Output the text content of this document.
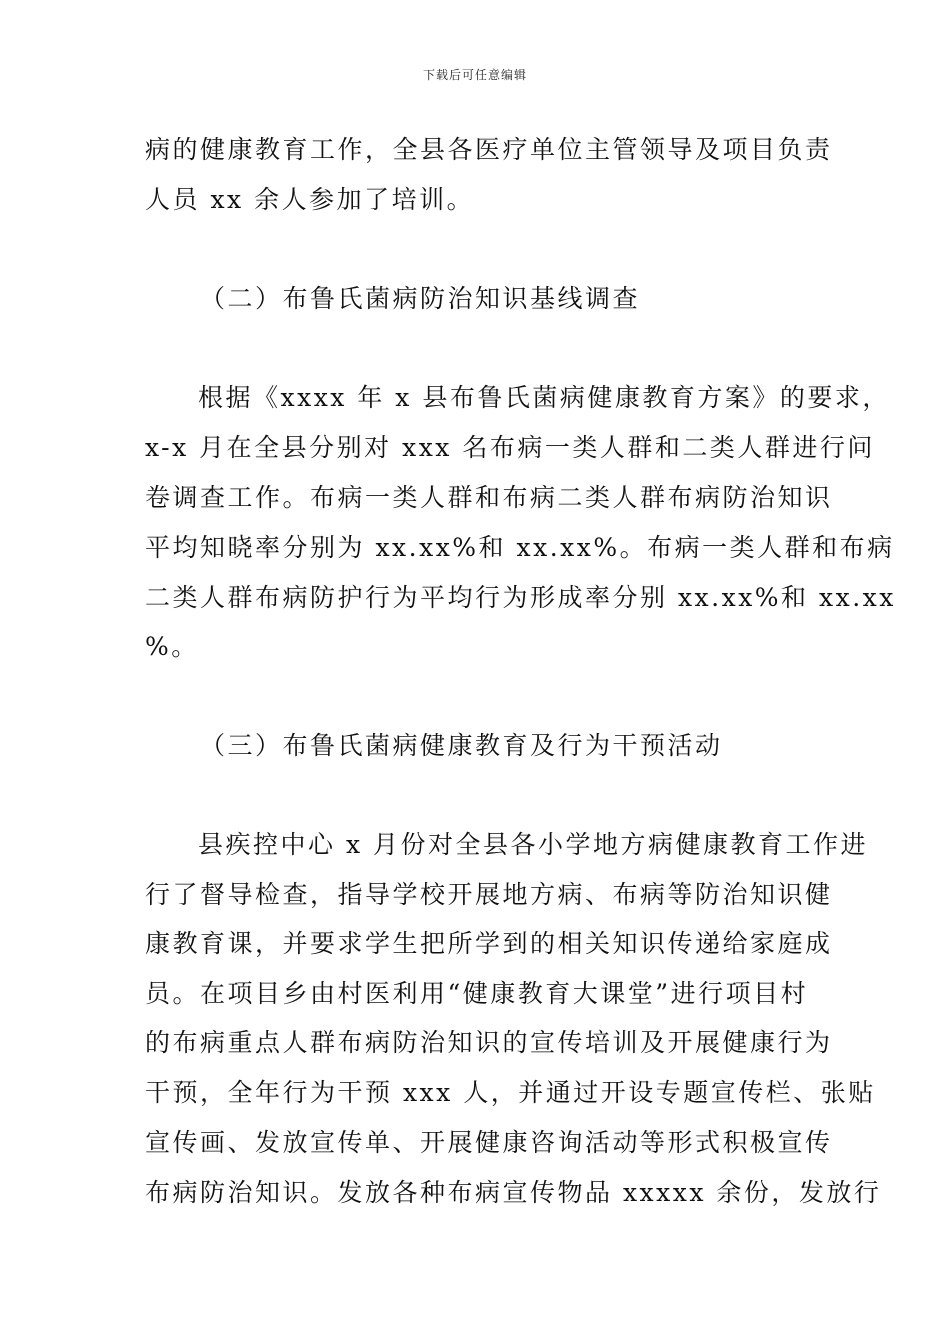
下载后可任意编辑
病的健康教育工作，全县各医疗单位主管领导及项目负责
人员 xx 余人参加了培训。
（二）布鲁氏菌病防治知识基线调查
根据《xxxx 年 x 县布鲁氏菌病健康教育方案》的要求，
x-x 月在全县分别对 xxx 名布病一类人群和二类人群进行问
卷调查工作。布病一类人群和布病二类人群布病防治知识
平均知晓率分别为 xx.xx%和 xx.xx%。布病一类人群和布病
二类人群布病防护行为平均行为形成率分别 xx.xx%和 xx.xx
%。
（三）布鲁氏菌病健康教育及行为干预活动
县疾控中心 x 月份对全县各小学地方病健康教育工作进
行了督导检查，指导学校开展地方病、布病等防治知识健
康教育课，并要求学生把所学到的相关知识传递给家庭成
员。在项目乡由村医利用“健康教育大课堂”进行项目村
的布病重点人群布病防治知识的宣传培训及开展健康行为
干预，全年行为干预 xxx 人，并通过开设专题宣传栏、张贴
宣传画、发放宣传单、开展健康咨询活动等形式积极宣传
布病防治知识。发放各种布病宣传物品 xxxxx 余份，发放行
